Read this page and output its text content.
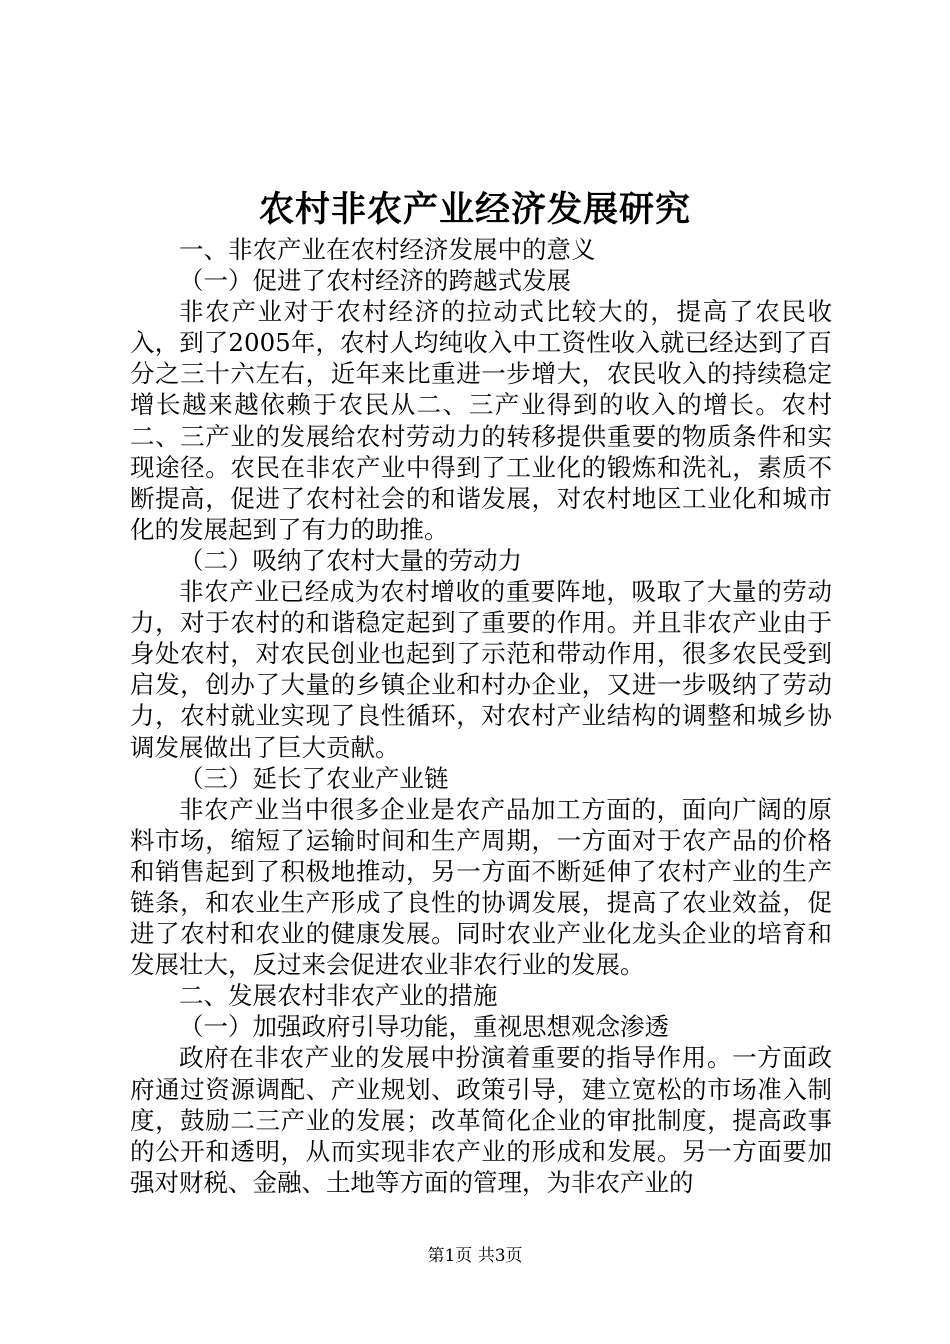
农村非农产业经济发展研究

一、非农产业在农村经济发展中的意义

（一）促进了农村经济的跨越式发展

非农产业对于农村经济的拉动式比较大的，提高了农民收入，到了2005年，农村人均纯收入中工资性收入就已经达到了百分之三十六左右，近年来比重进一步增大，农民收入的持续稳定增长越来越依赖于农民从二、三产业得到的收入的增长。农村二、三产业的发展给农村劳动力的转移提供重要的物质条件和实现途径。农民在非农产业中得到了工业化的锻炼和洗礼，素质不断提高，促进了农村社会的和谐发展，对农村地区工业化和城市化的发展起到了有力的助推。

（二）吸纳了农村大量的劳动力

非农产业已经成为农村增收的重要阵地，吸取了大量的劳动力，对于农村的和谐稳定起到了重要的作用。并且非农产业由于身处农村，对农民创业也起到了示范和带动作用，很多农民受到启发，创办了大量的乡镇企业和村办企业，又进一步吸纳了劳动力，农村就业实现了良性循环，对农村产业结构的调整和城乡协调发展做出了巨大贡献。

（三）延长了农业产业链

非农产业当中很多企业是农产品加工方面的，面向广阔的原料市场，缩短了运输时间和生产周期，一方面对于农产品的价格和销售起到了积极地推动，另一方面不断延伸了农村产业的生产链条，和农业生产形成了良性的协调发展，提高了农业效益，促进了农村和农业的健康发展。同时农业产业化龙头企业的培育和发展壮大，反过来会促进农业非农行业的发展。

二、发展农村非农产业的措施

（一）加强政府引导功能，重视思想观念渗透

政府在非农产业的发展中扮演着重要的指导作用。一方面政府通过资源调配、产业规划、政策引导，建立宽松的市场准入制度，鼓励二三产业的发展；改革简化企业的审批制度，提高政事的公开和透明，从而实现非农产业的形成和发展。另一方面要加强对财税、金融、土地等方面的管理，为非农产业的

第1页 共3页
